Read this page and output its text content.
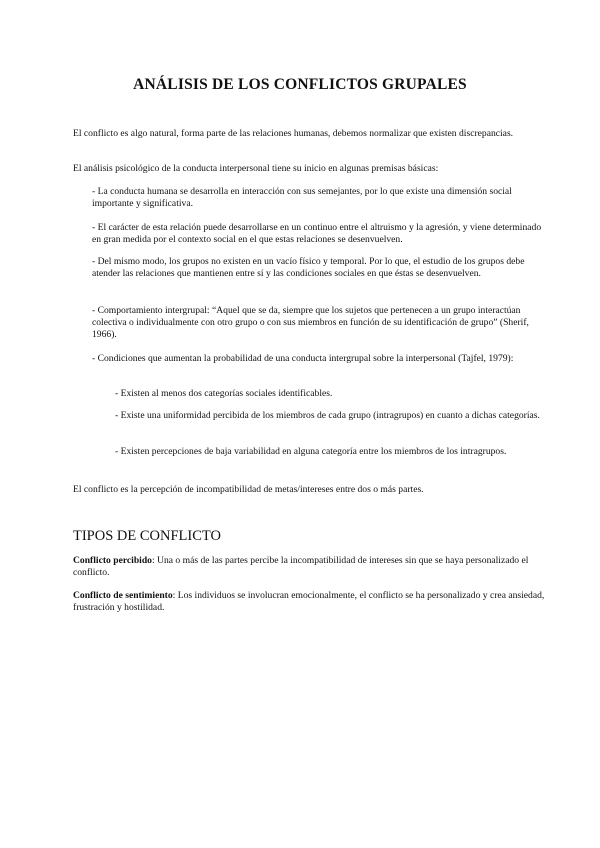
ANÁLISIS DE LOS CONFLICTOS GRUPALES

El conflicto es algo natural, forma parte de las relaciones humanas, debemos normalizar que existen discrepancias.

El análisis psicológico de la conducta interpersonal tiene su inicio en algunas premisas básicas:

- La conducta humana se desarrolla en interacción con sus semejantes, por lo que existe una dimensión social importante y significativa.

- El carácter de esta relación puede desarrollarse en un continuo entre el altruismo y la agresión, y viene determinado en gran medida por el contexto social en el que estas relaciones se desenvuelven.

- Del mismo modo, los grupos no existen en un vacío físico y temporal. Por lo que, el estudio de los grupos debe atender las relaciones que mantienen entre sí y las condiciones sociales en que éstas se desenvuelven.

- Comportamiento intergrupal: “Aquel que se da, siempre que los sujetos que pertenecen a un grupo interactúan colectiva o individualmente con otro grupo o con sus miembros en función de su identificación de grupo” (Sherif, 1966).

- Condiciones que aumentan la probabilidad de una conducta intergrupal sobre la interpersonal (Tajfel, 1979):

- Existen al menos dos categorías sociales identificables.

- Existe una uniformidad percibida de los miembros de cada grupo (intragrupos) en cuanto a dichas categorías.

- Existen percepciones de baja variabilidad en alguna categoría entre los miembros de los intragrupos.

El conflicto es la percepción de incompatibilidad de metas/intereses entre dos o más partes.

TIPOS DE CONFLICTO

Conflicto percibido: Una o más de las partes percibe la incompatibilidad de intereses sin que se haya personalizado el conflicto.

Conflicto de sentimiento: Los individuos se involucran emocionalmente, el conflicto se ha personalizado y crea ansiedad, frustración y hostilidad.
